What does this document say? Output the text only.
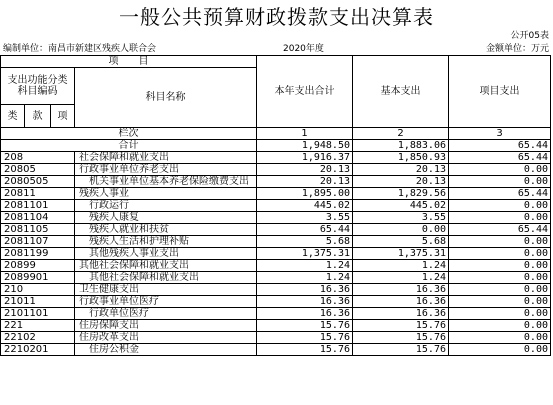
一般公共预算财政拨款支出决算表
公开05表
编制单位：南昌市新建区残疾人联合会	2020年度	金额单位：万元
项　　目				本年支出合计	基本支出	项目支出
支出功能分类
科目编码			科目名称			

类	款	项				
栏次				1	2	3
合计				1,948.50	1,883.06	65.44
208			社会保障和就业支出	1,916.37	1,850.93	65.44
20805			行政事业单位养老支出	20.13	20.13	0.00
2080505			机关事业单位基本养老保险缴费支出	20.13	20.13	0.00
20811			残疾人事业	1,895.00	1,829.56	65.44
2081101			行政运行	445.02	445.02	0.00
2081104			残疾人康复	3.55	3.55	0.00
2081105			残疾人就业和扶贫	65.44	0.00	65.44
2081107			残疾人生活和护理补贴	5.68	5.68	0.00
2081199			其他残疾人事业支出	1,375.31	1,375.31	0.00
20899			其他社会保障和就业支出	1.24	1.24	0.00
2089901			其他社会保障和就业支出	1.24	1.24	0.00
210			卫生健康支出	16.36	16.36	0.00
21011			行政事业单位医疗	16.36	16.36	0.00
2101101			行政单位医疗	16.36	16.36	0.00
221			住房保障支出	15.76	15.76	0.00
22102			住房改革支出	15.76	15.76	0.00
2210201			住房公积金	15.76	15.76	0.00
